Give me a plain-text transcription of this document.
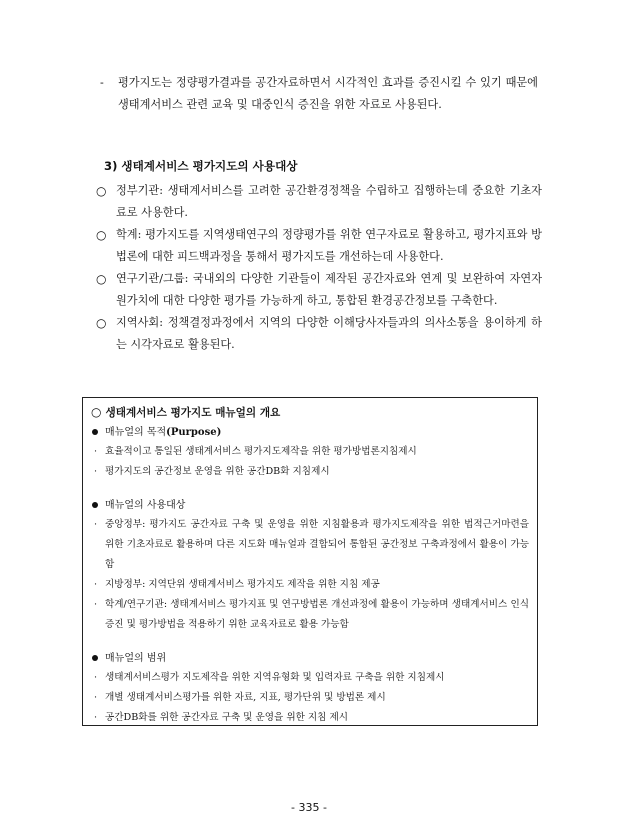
- 평가지도는 정량평가결과를 공간자료하면서 시각적인 효과를 증진시킬 수 있기 때문에 생태계서비스 관련 교육 및 대중인식 증진을 위한 자료로 사용된다.
3) 생태계서비스 평가지도의 사용대상
○ 정부기관: 생태계서비스를 고려한 공간환경정책을 수립하고 집행하는데 중요한 기초자료로 사용한다.
○ 학계: 평가지도를 지역생태연구의 정량평가를 위한 연구자료로 활용하고, 평가지표와 방법론에 대한 피드백과정을 통해서 평가지도를 개선하는데 사용한다.
○ 연구기관/그룹: 국내외의 다양한 기관들이 제작된 공간자료와 연계 및 보완하여 자연자원가치에 대한 다양한 평가를 가능하게 하고, 통합된 환경공간정보를 구축한다.
○ 지역사회: 정책결정과정에서 지역의 다양한 이해당사자들과의 의사소통을 용이하게 하는 시각자료로 활용된다.
○ 생태계서비스 평가지도 매뉴얼의 개요
매뉴얼의 목적(Purpose)
· 효율적이고 통일된 생태계서비스 평가지도제작을 위한 평가방법론지침제시
· 평가지도의 공간정보 운영을 위한 공간DB화 지침제시
매뉴얼의 사용대상
· 중앙정부: 평가지도 공간자료 구축 및 운영을 위한 지침활용과 평가지도제작을 위한 법적근거마련을 위한 기초자료로 활용하며 다른 지도화 매뉴얼과 결합되어 통합된 공간정보 구축과정에서 활용이 가능함
· 지방정부: 지역단위 생태계서비스 평가지도 제작을 위한 지침 제공
· 학계/연구기관: 생태계서비스 평가지표 및 연구방법론 개선과정에 활용이 가능하며 생태계서비스 인식증진 및 평가방법을 적용하기 위한 교육자료로 활용 가능함
매뉴얼의 범위
· 생태계서비스평가 지도제작을 위한 지역유형화 및 입력자료 구축을 위한 지침제시
· 개별 생태계서비스평가를 위한 자료, 지표, 평가단위 및 방법론 제시
· 공간DB화를 위한 공간자료 구축 및 운영을 위한 지침 제시
- 335 -
